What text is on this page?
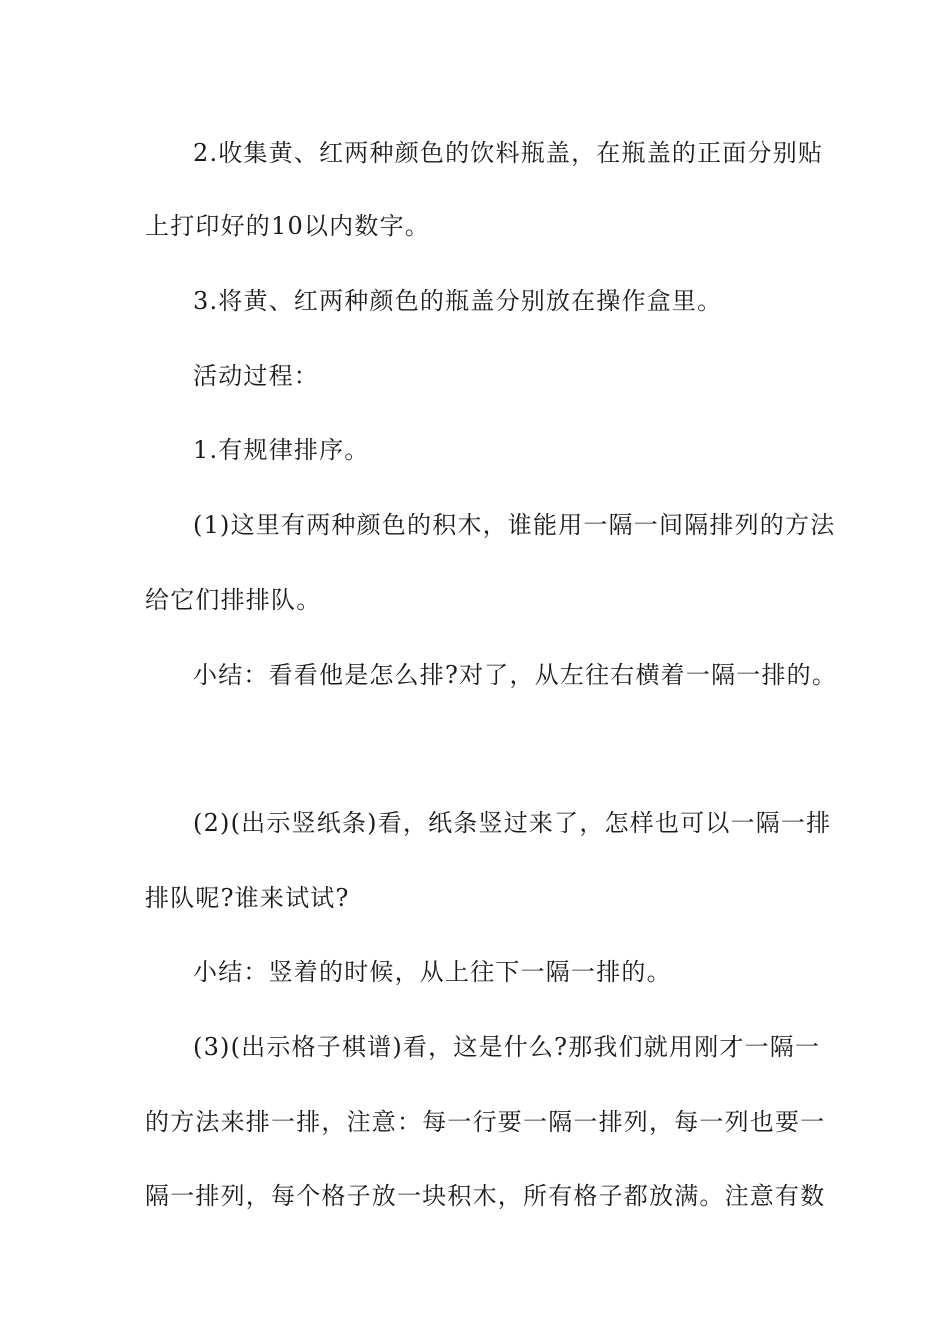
2.收集黄、红两种颜色的饮料瓶盖，在瓶盖的正面分别贴
上打印好的10以内数字。
3.将黄、红两种颜色的瓶盖分别放在操作盒里。
活动过程：
1.有规律排序。
(1)这里有两种颜色的积木，谁能用一隔一间隔排列的方法
给它们排排队。
小结：看看他是怎么排?对了，从左往右横着一隔一排的。
(2)(出示竖纸条)看，纸条竖过来了，怎样也可以一隔一排
排队呢?谁来试试?
小结：竖着的时候，从上往下一隔一排的。
(3)(出示格子棋谱)看，这是什么?那我们就用刚才一隔一
的方法来排一排，注意：每一行要一隔一排列，每一列也要一
隔一排列，每个格子放一块积木，所有格子都放满。注意有数
